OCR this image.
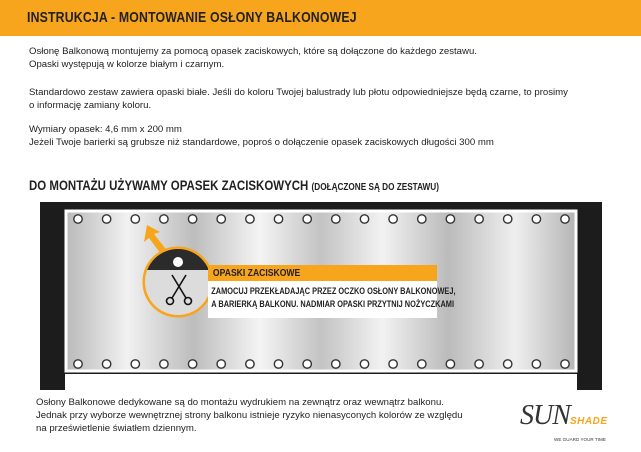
INSTRUKCJA - MONTOWANIE OSŁONY BALKONOWEJ
Osłonę Balkonową montujemy za pomocą opasek zaciskowych, które są dołączone do każdego zestawu.
Opaski występują w kolorze białym i czarnym.
Standardowo zestaw zawiera opaski białe. Jeśli do koloru Twojej balustrady lub płotu odpowiedniejsze będą czarne, to prosimy
o informację zamiany koloru.
Wymiary opasek: 4,6 mm x 200 mm
Jeżeli Twoje barierki są grubsze niż standardowe, poproś o dołączenie opasek zaciskowych długości 300 mm
DO MONTAŻU UŻYWAMY OPASEK ZACISKOWYCH (DOŁĄCZONE SĄ DO ZESTAWU)
OPASKI ZACISKOWE
ZAMOCUJ PRZEKŁADAJĄC PRZEZ OCZKO OSŁONY BALKONOWEJ,
A BARIERKĄ BALKONU. NADMIAR OPASKI PRZYTNIJ NOŻYCZKAMI
Osłony Balkonowe dedykowane są do montażu wydrukiem na zewnątrz oraz wewnątrz balkonu.
Jednak przy wyborze wewnętrznej strony balkonu istnieje ryzyko nienasyconych kolorów ze względu
na prześwietlenie światłem dziennym.	SUN SHADE
WE GUARD YOUR TIME
